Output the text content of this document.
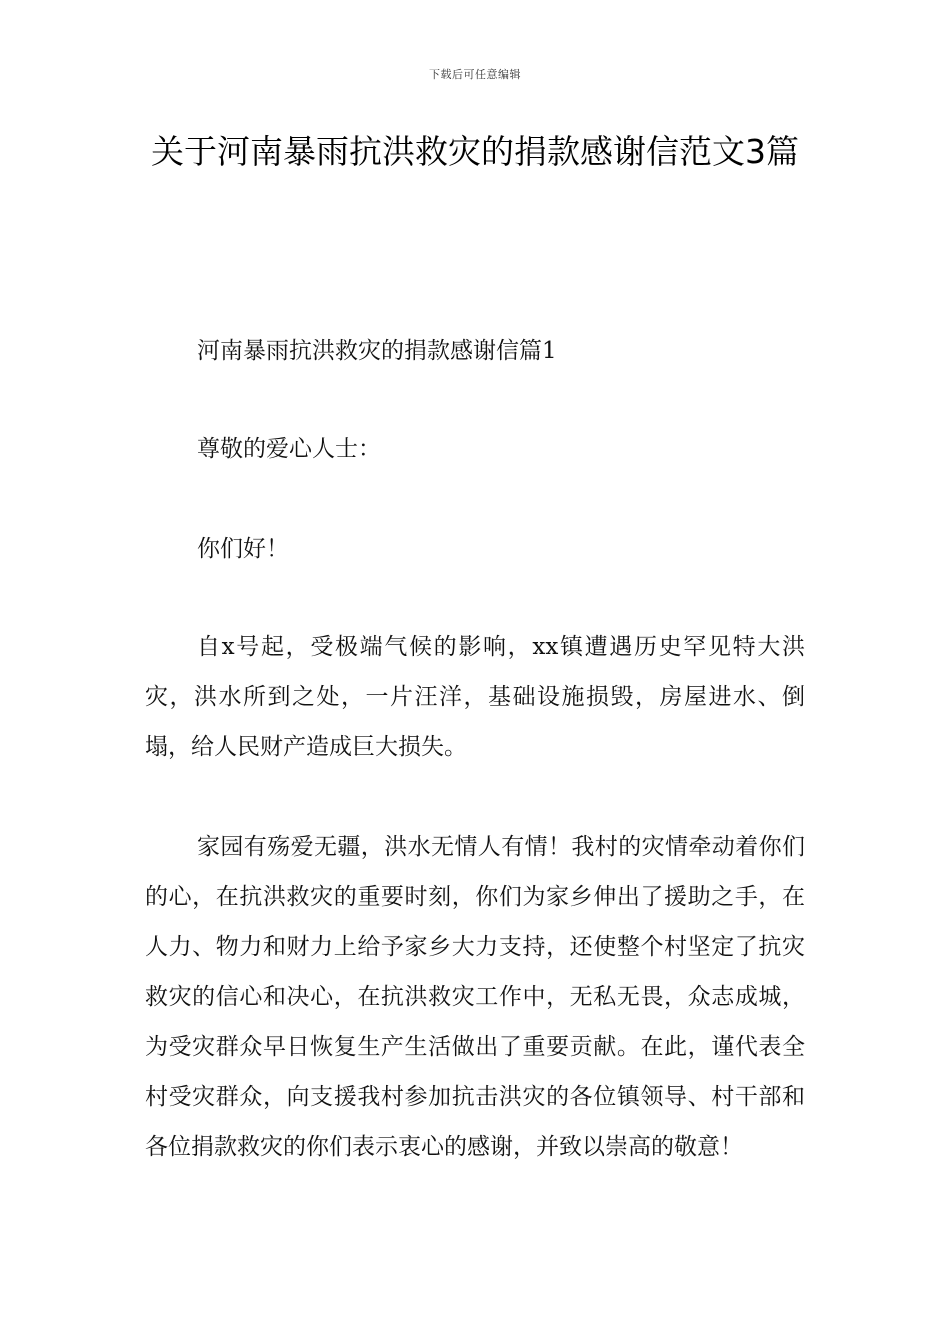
下载后可任意编辑
关于河南暴雨抗洪救灾的捐款感谢信范文3篇

河南暴雨抗洪救灾的捐款感谢信篇1

尊敬的爱心人士：

你们好！

自x号起，受极端气候的影响，xx镇遭遇历史罕见特大洪灾，洪水所到之处，一片汪洋，基础设施损毁，房屋进水、倒塌，给人民财产造成巨大损失。

家园有殇爱无疆，洪水无情人有情！我村的灾情牵动着你们的心，在抗洪救灾的重要时刻，你们为家乡伸出了援助之手，在人力、物力和财力上给予家乡大力支持，还使整个村坚定了抗灾救灾的信心和决心，在抗洪救灾工作中，无私无畏，众志成城，为受灾群众早日恢复生产生活做出了重要贡献。在此，谨代表全村受灾群众，向支援我村参加抗击洪灾的各位镇领导、村干部和各位捐款救灾的你们表示衷心的感谢，并致以崇高的敬意！
